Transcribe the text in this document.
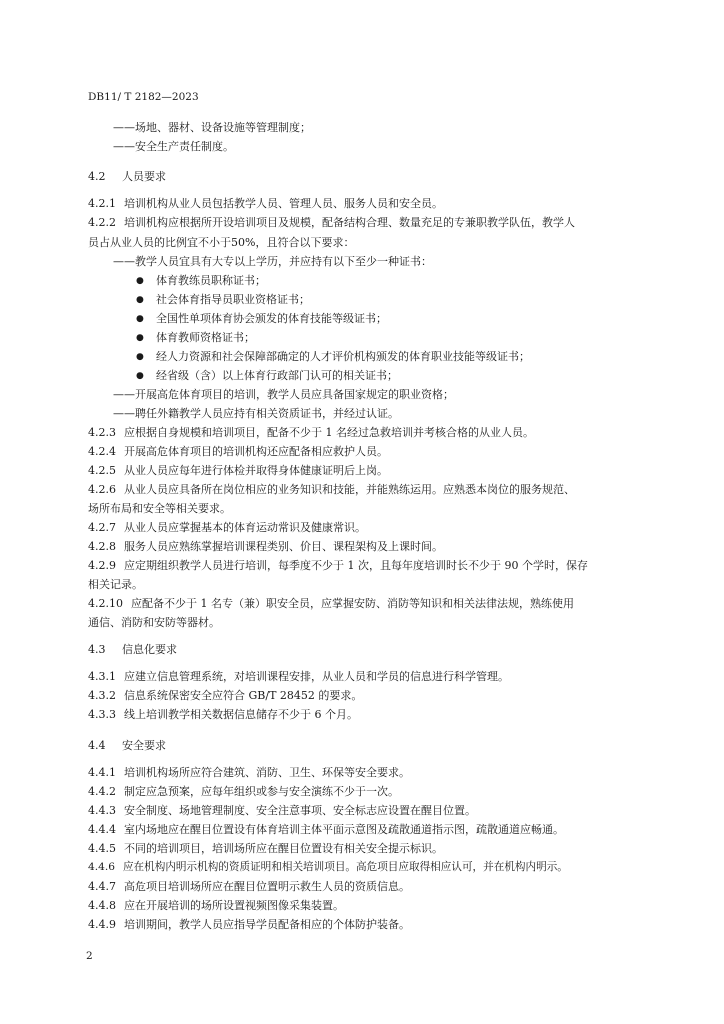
DB11/ T 2182—2023
——场地、器材、设备设施等管理制度；
——安全生产责任制度。
4.2 人员要求
4.2.1 培训机构从业人员包括教学人员、管理人员、服务人员和安全员。
4.2.2 培训机构应根据所开设培训项目及规模，配备结构合理、数量充足的专兼职教学队伍，教学人
员占从业人员的比例宜不小于50%，且符合以下要求：
——教学人员宜具有大专以上学历，并应持有以下至少一种证书：
● 体育教练员职称证书；
● 社会体育指导员职业资格证书；
● 全国性单项体育协会颁发的体育技能等级证书；
● 体育教师资格证书；
● 经人力资源和社会保障部确定的人才评价机构颁发的体育职业技能等级证书；
● 经省级（含）以上体育行政部门认可的相关证书；
——开展高危体育项目的培训，教学人员应具备国家规定的职业资格；
——聘任外籍教学人员应持有相关资质证书，并经过认证。
4.2.3 应根据自身规模和培训项目，配备不少于 1 名经过急救培训并考核合格的从业人员。
4.2.4 开展高危体育项目的培训机构还应配备相应救护人员。
4.2.5 从业人员应每年进行体检并取得身体健康证明后上岗。
4.2.6 从业人员应具备所在岗位相应的业务知识和技能，并能熟练运用。应熟悉本岗位的服务规范、
场所布局和安全等相关要求。
4.2.7 从业人员应掌握基本的体育运动常识及健康常识。
4.2.8 服务人员应熟练掌握培训课程类别、价目、课程架构及上课时间。
4.2.9 应定期组织教学人员进行培训，每季度不少于 1 次，且每年度培训时长不少于 90 个学时，保存
相关记录。
4.2.10 应配备不少于 1 名专（兼）职安全员，应掌握安防、消防等知识和相关法律法规，熟练使用
通信、消防和安防等器材。
4.3 信息化要求
4.3.1 应建立信息管理系统，对培训课程安排，从业人员和学员的信息进行科学管理。
4.3.2 信息系统保密安全应符合 GB/T 28452 的要求。
4.3.3 线上培训教学相关数据信息储存不少于 6 个月。
4.4 安全要求
4.4.1 培训机构场所应符合建筑、消防、卫生、环保等安全要求。
4.4.2 制定应急预案，应每年组织或参与安全演练不少于一次。
4.4.3 安全制度、场地管理制度、安全注意事项、安全标志应设置在醒目位置。
4.4.4 室内场地应在醒目位置设有体育培训主体平面示意图及疏散通道指示图，疏散通道应畅通。
4.4.5 不同的培训项目，培训场所应在醒目位置设有相关安全提示标识。
4.4.6 应在机构内明示机构的资质证明和相关培训项目。高危项目应取得相应认可，并在机构内明示。
4.4.7 高危项目培训场所应在醒目位置明示救生人员的资质信息。
4.4.8 应在开展培训的场所设置视频图像采集装置。
4.4.9 培训期间，教学人员应指导学员配备相应的个体防护装备。
2
